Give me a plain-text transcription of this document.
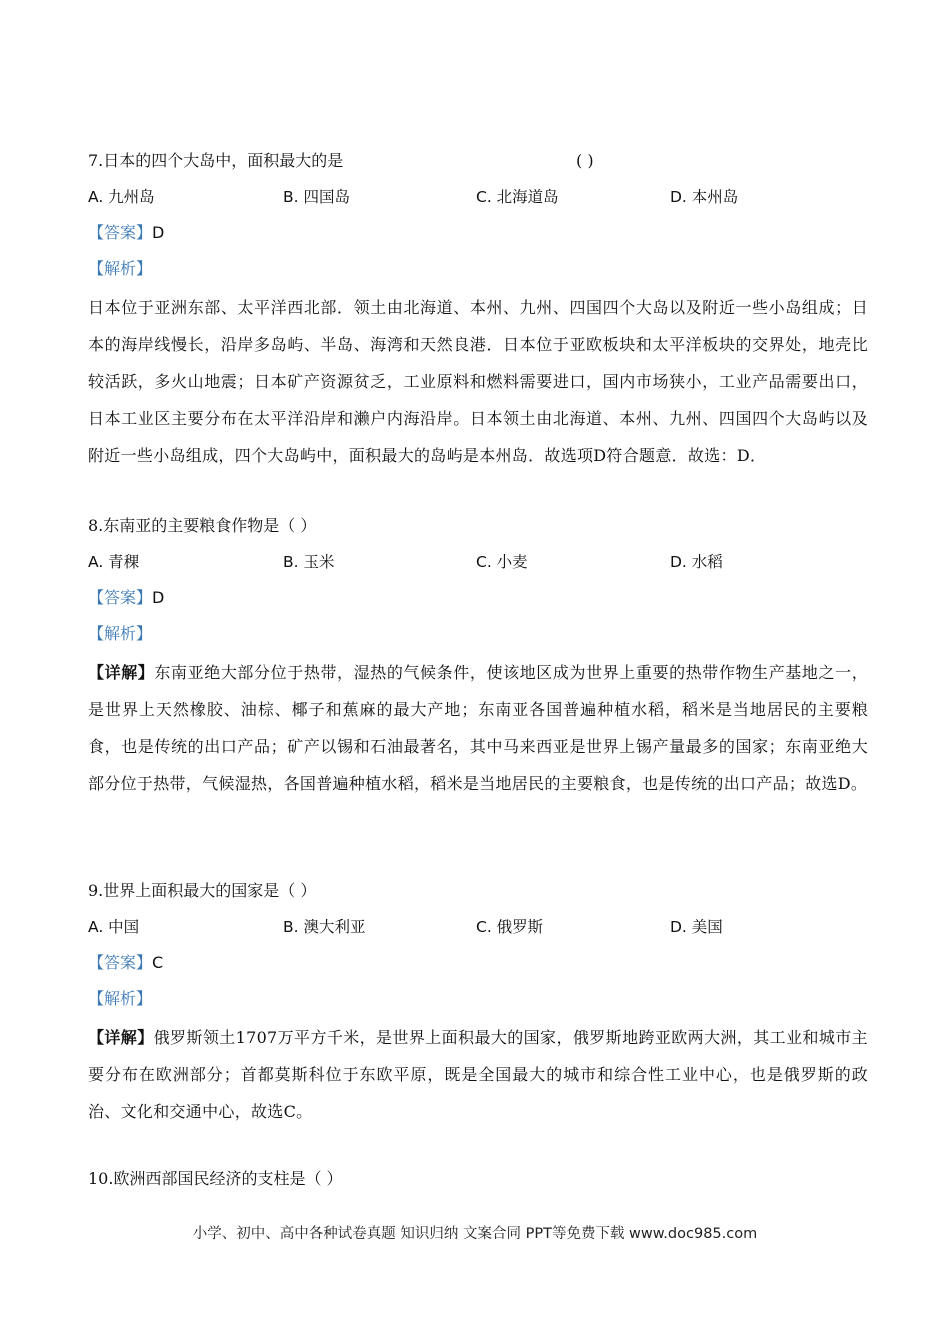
7.日本的四个大岛中，面积最大的是	( )
A. 九州岛	B. 四国岛	C. 北海道岛	D. 本州岛
【答案】D
【解析】
日本位于亚洲东部、太平洋西北部．领土由北海道、本州、九州、四国四个大岛以及附近一些小岛组成；日本的海岸线慢长，沿岸多岛屿、半岛、海湾和天然良港．日本位于亚欧板块和太平洋板块的交界处，地壳比较活跃，多火山地震；日本矿产资源贫乏，工业原料和燃料需要进口，国内市场狭小，工业产品需要出口，日本工业区主要分布在太平洋沿岸和濑户内海沿岸。日本领土由北海道、本州、九州、四国四个大岛屿以及附近一些小岛组成，四个大岛屿中，面积最大的岛屿是本州岛．故选项D符合题意．故选：D．
8.东南亚的主要粮食作物是（ ）
A. 青稞	B. 玉米	C. 小麦	D. 水稻
【答案】D
【解析】
【详解】东南亚绝大部分位于热带，湿热的气候条件，使该地区成为世界上重要的热带作物生产基地之一，是世界上天然橡胶、油棕、椰子和蕉麻的最大产地；东南亚各国普遍种植水稻，稻米是当地居民的主要粮食，也是传统的出口产品；矿产以锡和石油最著名，其中马来西亚是世界上锡产量最多的国家；东南亚绝大部分位于热带，气候湿热，各国普遍种植水稻，稻米是当地居民的主要粮食，也是传统的出口产品；故选D。
9.世界上面积最大的国家是（ ）
A. 中国	B. 澳大利亚	C. 俄罗斯	D. 美国
【答案】C
【解析】
【详解】俄罗斯领土1707万平方千米，是世界上面积最大的国家，俄罗斯地跨亚欧两大洲，其工业和城市主要分布在欧洲部分；首都莫斯科位于东欧平原，既是全国最大的城市和综合性工业中心，也是俄罗斯的政治、文化和交通中心，故选C。
10.欧洲西部国民经济的支柱是（ ）
小学、初中、高中各种试卷真题 知识归纳 文案合同 PPT等免费下载 www.doc985.com
